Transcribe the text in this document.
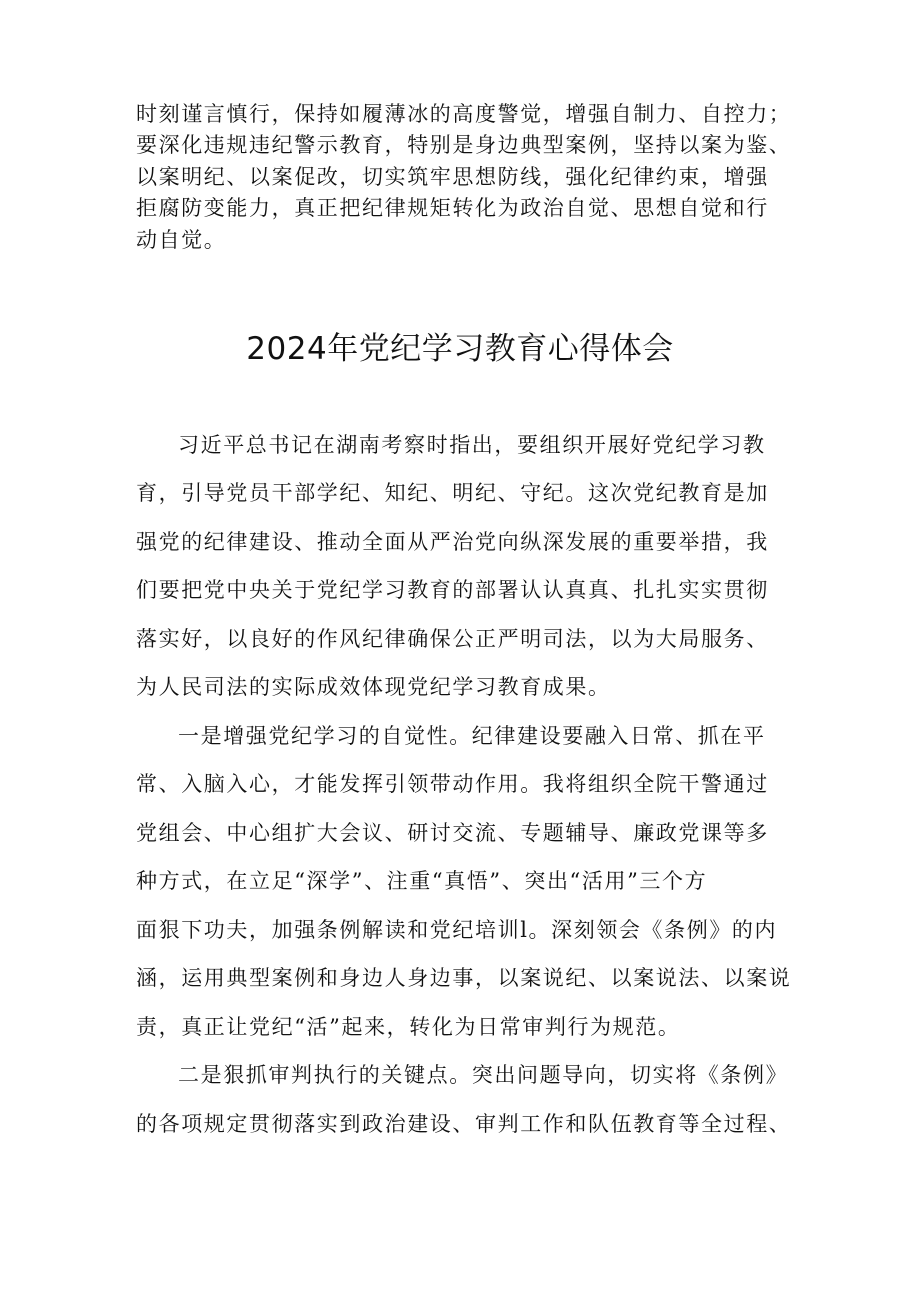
时刻谨言慎行，保持如履薄冰的高度警觉，增强自制力、自控力；
要深化违规违纪警示教育，特别是身边典型案例，坚持以案为鉴、
以案明纪、以案促改，切实筑牢思想防线，强化纪律约束，增强
拒腐防变能力，真正把纪律规矩转化为政治自觉、思想自觉和行
动自觉。
2024年党纪学习教育心得体会
习近平总书记在湖南考察时指出，要组织开展好党纪学习教
育，引导党员干部学纪、知纪、明纪、守纪。这次党纪教育是加
强党的纪律建设、推动全面从严治党向纵深发展的重要举措，我
们要把党中央关于党纪学习教育的部署认认真真、扎扎实实贯彻
落实好，以良好的作风纪律确保公正严明司法，以为大局服务、
为人民司法的实际成效体现党纪学习教育成果。
一是增强党纪学习的自觉性。纪律建设要融入日常、抓在平
常、入脑入心，才能发挥引领带动作用。我将组织全院干警通过
党组会、中心组扩大会议、研讨交流、专题辅导、廉政党课等多
种方式，在立足“深学”、注重“真悟”、突出“活用”三个方
面狠下功夫，加强条例解读和党纪培训l。深刻领会《条例》的内
涵，运用典型案例和身边人身边事，以案说纪、以案说法、以案说
责，真正让党纪“活”起来，转化为日常审判行为规范。
二是狠抓审判执行的关键点。突出问题导向，切实将《条例》
的各项规定贯彻落实到政治建设、审判工作和队伍教育等全过程、
